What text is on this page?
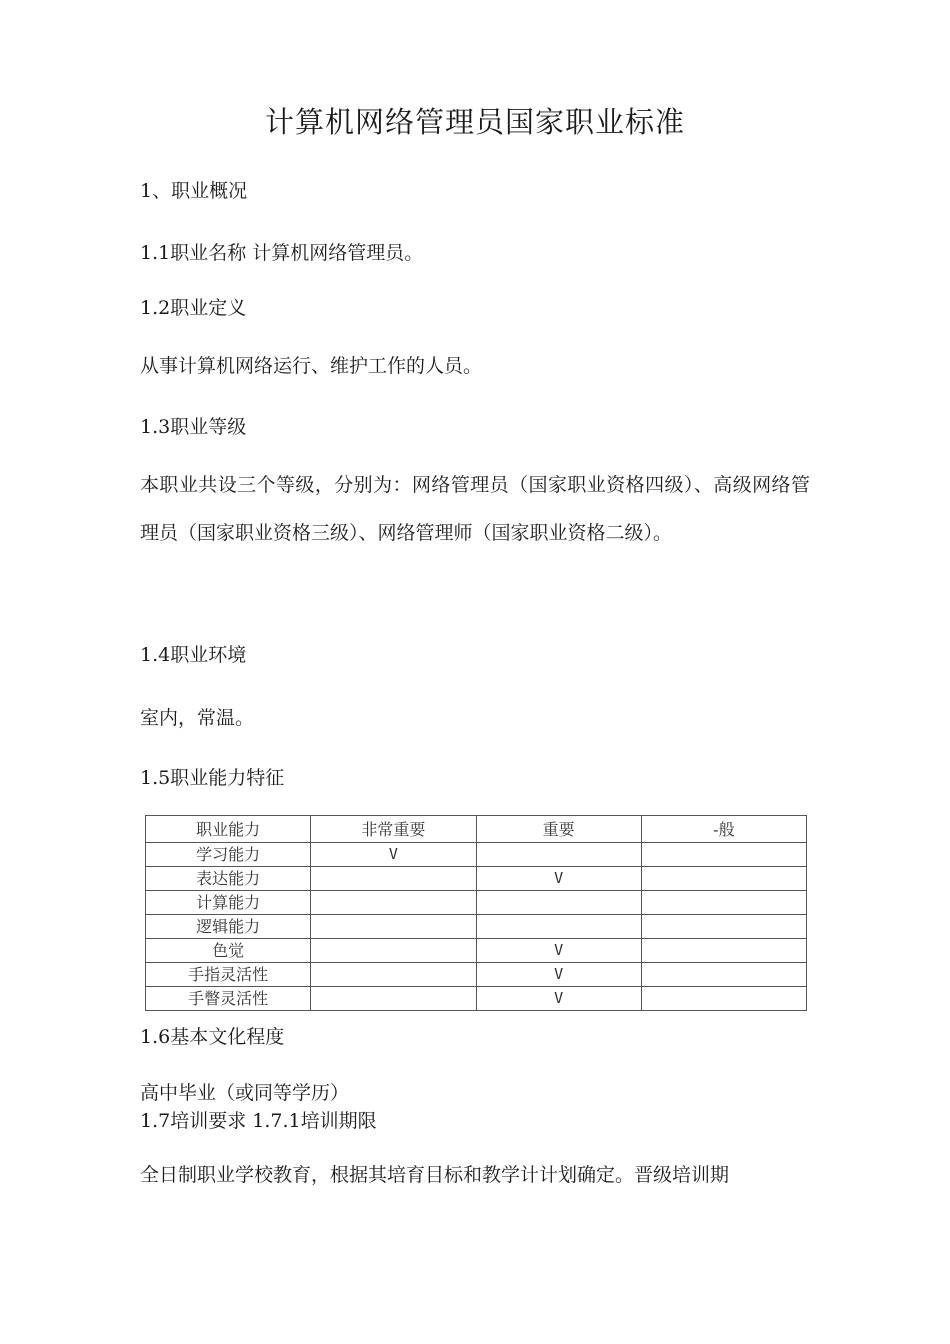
计算机网络管理员国家职业标准
1、职业概况
1.1职业名称 计算机网络管理员。
1.2职业定义
从事计算机网络运行、维护工作的人员。
1.3职业等级
本职业共设三个等级，分别为：网络管理员（国家职业资格四级）、高级网络管理员（国家职业资格三级）、网络管理师（国家职业资格二级）。
1.4职业环境
室内，常温。
1.5职业能力特征
职业能力	非常重要	重要	-般
学习能力	V		
表达能力		V	
计算能力			
逻辑能力			
色觉		V	
手指灵活性		V	
手瞥灵活性		V	
1.6基本文化程度
高中毕业（或同等学历）
1.7培训要求 1.7.1培训期限
全日制职业学校教育，根据其培育目标和教学计计划确定。晋级培训期
